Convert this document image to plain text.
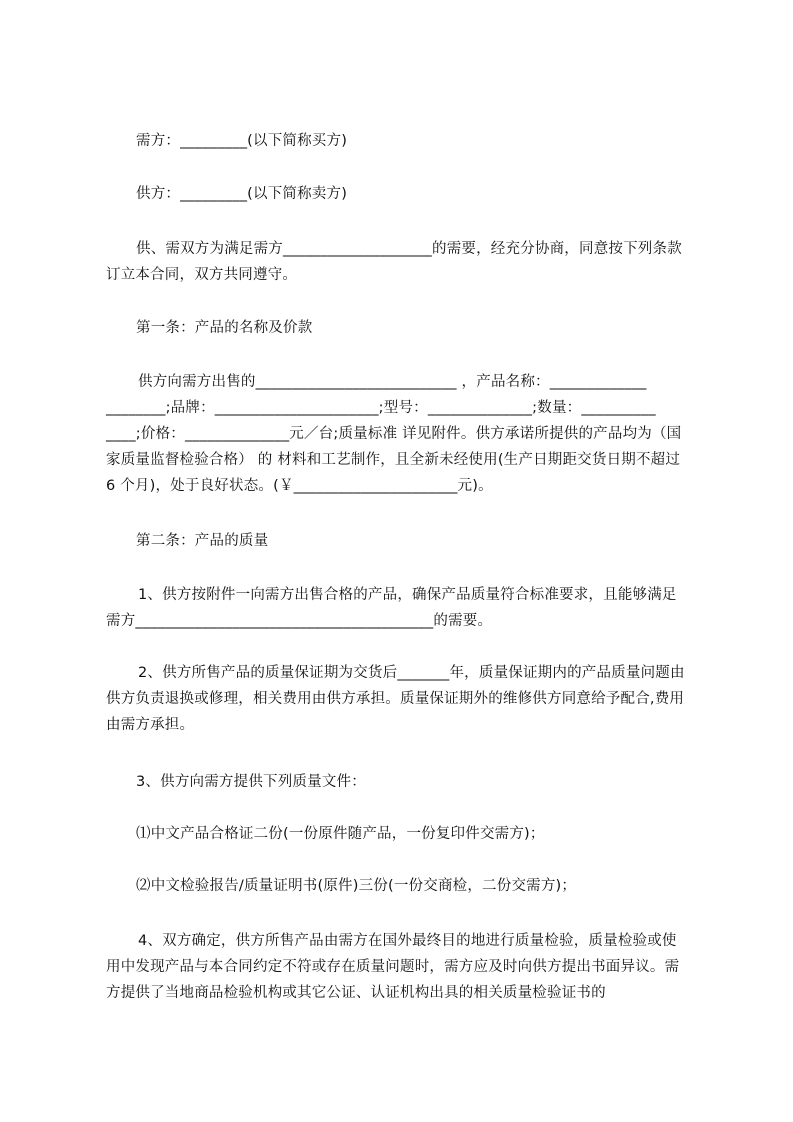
需方：_________(以下简称买方)
供方：_________(以下简称卖方)
供、需双方为满足需方____________________的需要，经充分协商，同意按下列条款订立本合同，双方共同遵守。
第一条：产品的名称及价款
供方向需方出售的___________________________ ，产品名称：_____________ ________;品牌：______________________;型号：______________;数量：__________ ____;价格：______________元／台;质量标准 详见附件。供方承诺所提供的产品均为（国家质量监督检验合格） 的 材料和工艺制作，且全新未经使用(生产日期距交货日期不超过 6 个月)，处于良好状态。(￥______________________元)。
第二条：产品的质量
1、供方按附件一向需方出售合格的产品，确保产品质量符合标准要求，且能够满足需方________________________________________的需要。
2、供方所售产品的质量保证期为交货后_______年，质量保证期内的产品质量问题由供方负责退换或修理，相关费用由供方承担。质量保证期外的维修供方同意给予配合,费用由需方承担。
3、供方向需方提供下列质量文件：
⑴中文产品合格证二份(一份原件随产品，一份复印件交需方)；
⑵中文检验报告/质量证明书(原件)三份(一份交商检，二份交需方)；
4、双方确定，供方所售产品由需方在国外最终目的地进行质量检验，质量检验或使用中发现产品与本合同约定不符或存在质量问题时，需方应及时向供方提出书面异议。需方提供了当地商品检验机构或其它公证、认证机构出具的相关质量检验证书的
